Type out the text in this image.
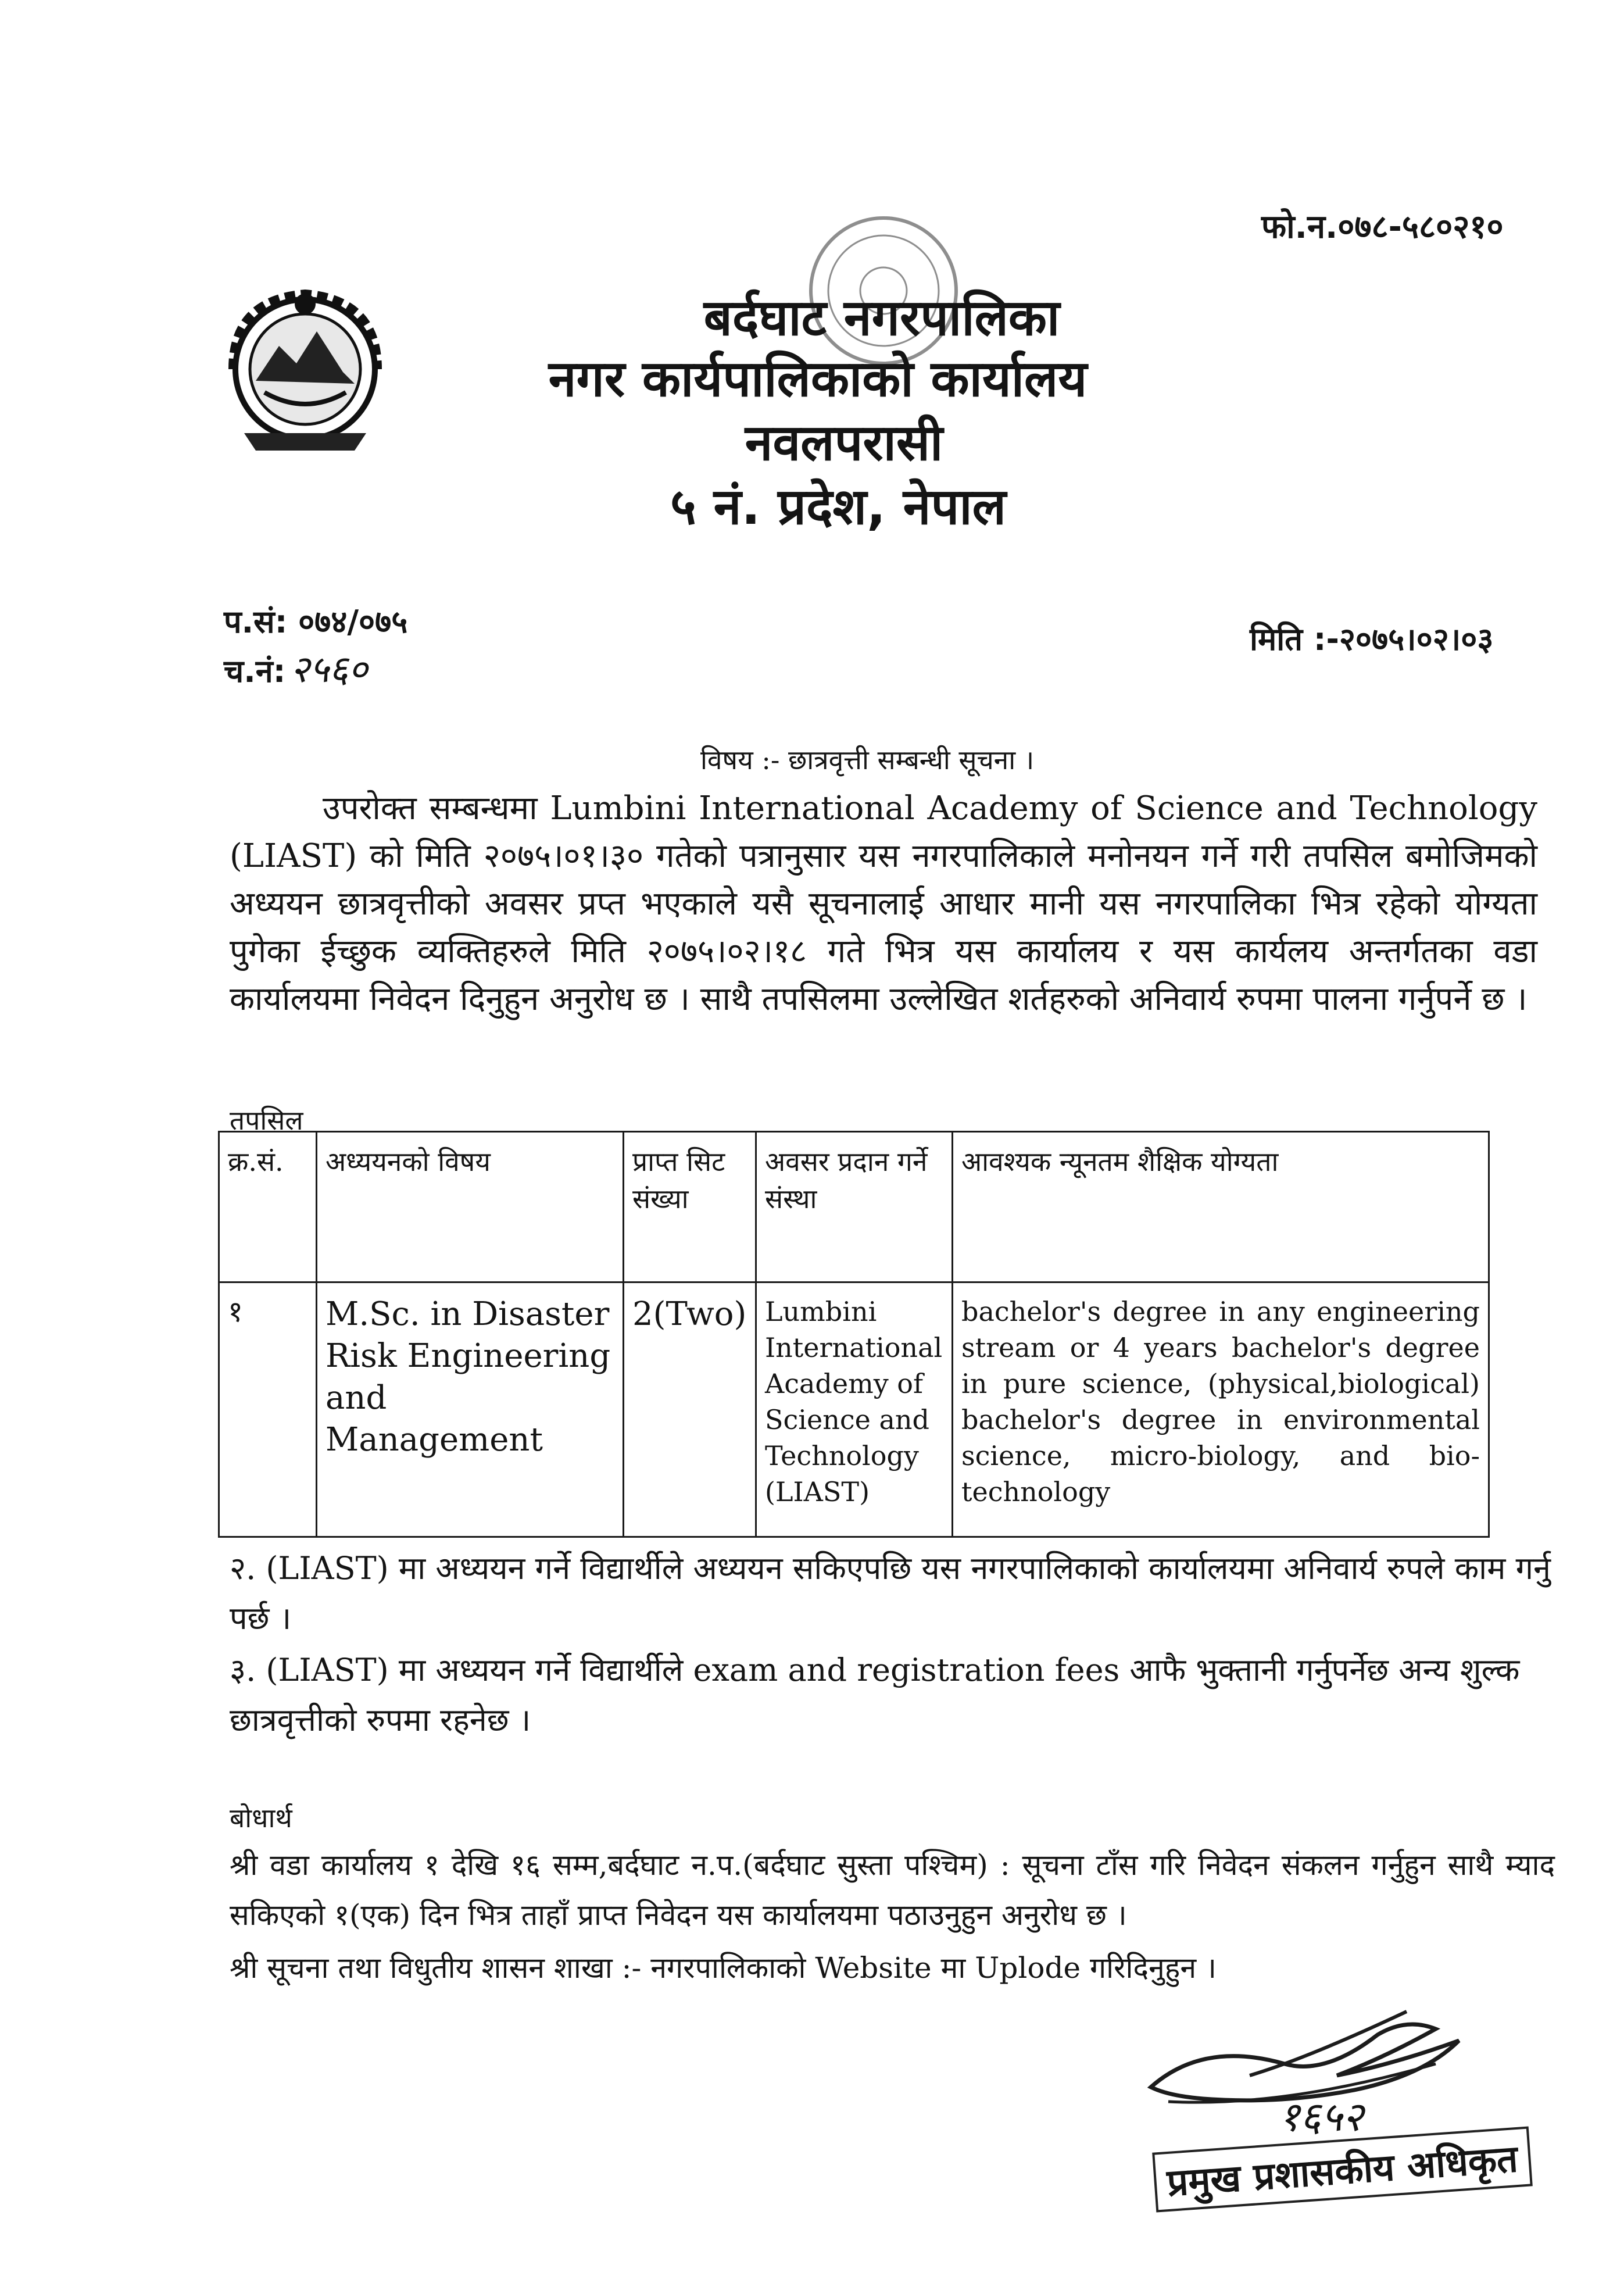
फो.न.०७८-५८०२१०
बर्दघाट नगरपालिका
नगर कार्यपालिकाको कार्यालय
नवलपरासी
५ नं. प्रदेश, नेपाल
प.सं: ०७४/०७५
च.नं: २५६०
मिति :-२०७५।०२।०३
विषय :- छात्रवृत्ती सम्बन्धी सूचना ।
उपरोक्त सम्बन्धमा Lumbini International Academy of Science and Technology (LIAST) को मिति २०७५।०१।३० गतेको पत्रानुसार यस नगरपालिकाले मनोनयन गर्ने गरी तपसिल बमोजिमको अध्ययन छात्रवृत्तीको अवसर प्रप्त भएकाले यसै सूचनालाई आधार मानी यस नगरपालिका भित्र रहेको योग्यता पुगेका ईच्छुक व्यक्तिहरुले मिति २०७५।०२।१८ गते भित्र यस कार्यालय र यस कार्यलय अन्तर्गतका वडा कार्यालयमा निवेदन दिनुहुन अनुरोध छ । साथै तपसिलमा उल्लेखित शर्तहरुको अनिवार्य रुपमा पालना गर्नुपर्ने छ ।
तपसिल
क्र.सं.	अध्ययनको विषय	प्राप्त सिट संख्या	अवसर प्रदान गर्ने संस्था	आवश्यक न्यूनतम शैक्षिक योग्यता
१	M.Sc. in Disaster Risk Engineering and Management	2(Two)	Lumbini International Academy of Science and Technology (LIAST)	bachelor's degree in any engineering stream or 4 years bachelor's degree in pure science, (physical,biological) bachelor's degree in environmental science, micro-biology, and bio-technology
२. (LIAST) मा अध्ययन गर्ने विद्यार्थीले अध्ययन सकिएपछि यस नगरपालिकाको कार्यालयमा अनिवार्य रुपले काम गर्नु पर्छ ।
३. (LIAST) मा अध्ययन गर्ने विद्यार्थीले exam and registration fees आफै भुक्तानी गर्नुपर्नेछ अन्य शुल्क छात्रवृत्तीको रुपमा रहनेछ ।
बोधार्थ
श्री वडा कार्यालय १ देखि १६ सम्म,बर्दघाट न.प.(बर्दघाट सुस्ता पश्चिम) : सूचना टाँस गरि निवेदन संकलन गर्नुहुन साथै म्याद सकिएको १(एक) दिन भित्र ताहाँ प्राप्त निवेदन यस कार्यालयमा पठाउनुहुन अनुरोध छ ।
श्री सूचना तथा विधुतीय शासन शाखा :- नगरपालिकाको Website मा Uplode गरिदिनुहुन ।
१६५२
प्रमुख प्रशासकीय अधिकृत
